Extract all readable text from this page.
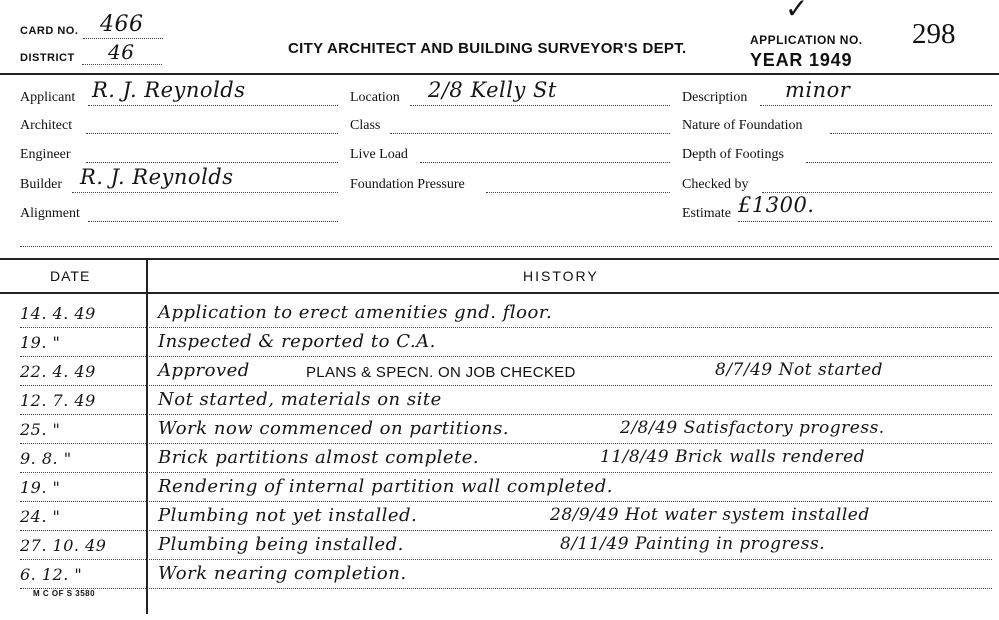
CARD NO. 466
DISTRICT 46	CITY ARCHITECT AND BUILDING SURVEYOR'S DEPT.
✓
APPLICATION NO. 298
YEAR 1949
Applicant R. J. Reynolds
Architect
Engineer
Builder R. J. Reynolds
Alignment
Location 2/8 Kelly St
Class
Live Load
Foundation Pressure
Description minor
Nature of Foundation
Depth of Footings
Checked by
Estimate £1300.
DATE	HISTORY
14. 4. 49	Application to erect amenities gnd. floor.
19. "	Inspected & reported to C.A.
22. 4. 49	Approved	PLANS & SPECN. ON JOB CHECKED	8/7/49 Not started
12. 7. 49	Not started, materials on site
25. "	Work now commenced on partitions.	2/8/49 Satisfactory progress.
9. 8. "	Brick partitions almost complete.	11/8/49 Brick walls rendered
19. "	Rendering of internal partition wall completed.
24. "	Plumbing not yet installed.	28/9/49 Hot water system installed
27. 10. 49	Plumbing being installed.	8/11/49 Painting in progress.
6. 12. "	Work nearing completion.
M C OF S 3580
